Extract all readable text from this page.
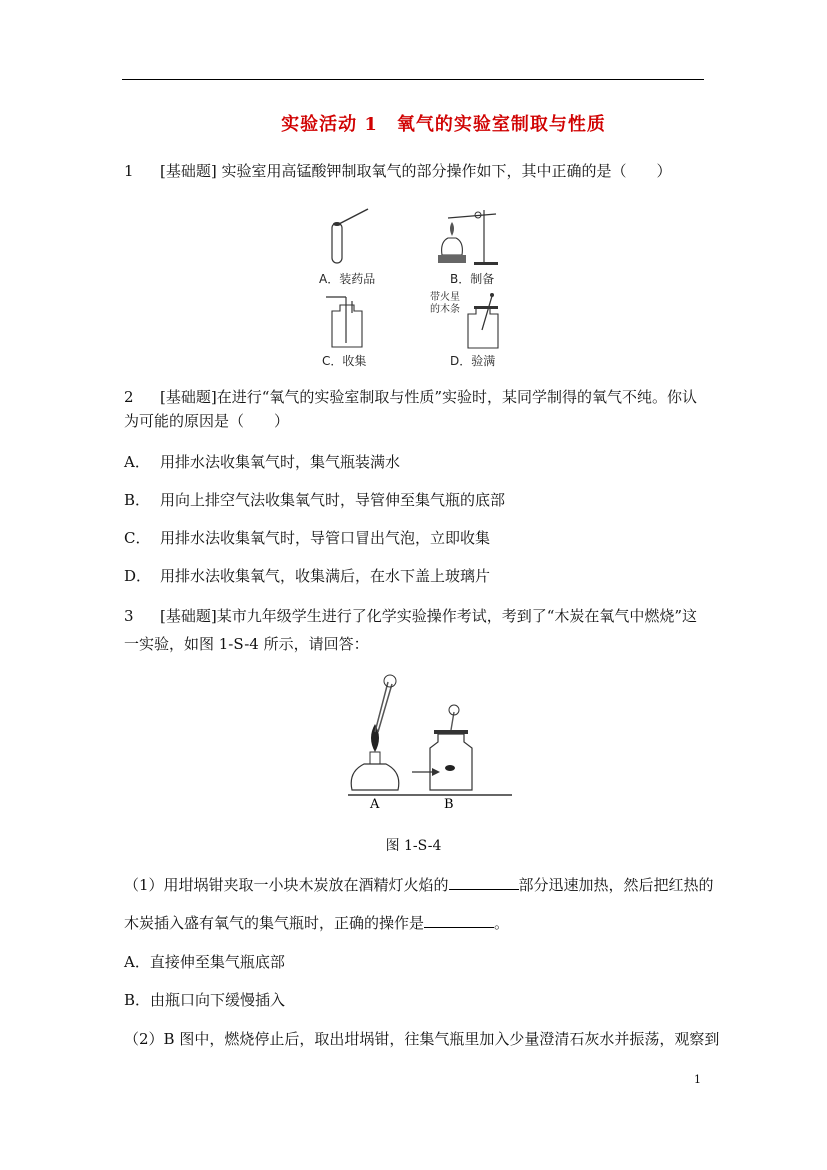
实验活动 1　氧气的实验室制取与性质
1 [基础题] 实验室用高锰酸钾制取氧气的部分操作如下，其中正确的是（　　）
A．装药品	B．制备
C．收集
带火星
的木条
D．验满
2 [基础题]在进行“氧气的实验室制取与性质”实验时，某同学制得的氧气不纯。你认
为可能的原因是（　　）
A． 用排水法收集氧气时，集气瓶装满水
B． 用向上排空气法收集氧气时，导管伸至集气瓶的底部
C． 用排水法收集氧气时，导管口冒出气泡，立即收集
D． 用排水法收集氧气，收集满后，在水下盖上玻璃片
3 [基础题]某市九年级学生进行了化学实验操作考试，考到了“木炭在氧气中燃烧”这
一实验，如图 1-S-4 所示，请回答：
A	B
图 1-S-4
（1）用坩埚钳夹取一小块木炭放在酒精灯火焰的	部分迅速加热，然后把红热的
木炭插入盛有氧气的集气瓶时，正确的操作是	。
A．直接伸至集气瓶底部
B．由瓶口向下缓慢插入
（2）B 图中，燃烧停止后，取出坩埚钳，往集气瓶里加入少量澄清石灰水并振荡，观察到
1
